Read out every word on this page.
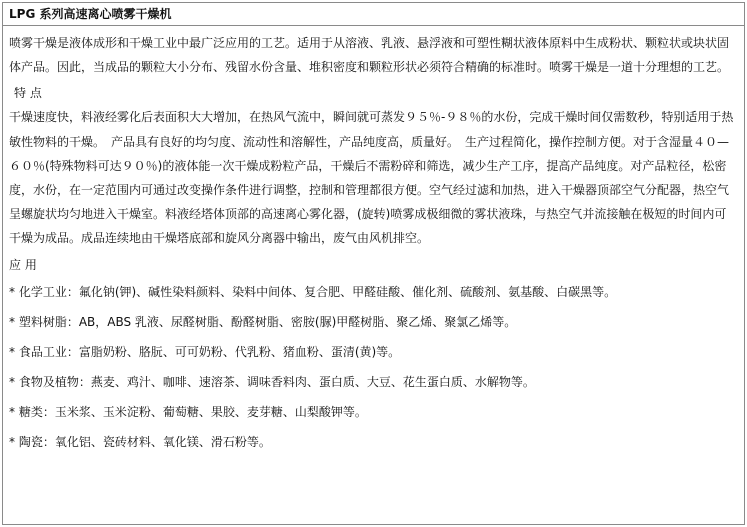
LPG 系列高速离心喷雾干燥机

喷雾干燥是液体成形和干燥工业中最广泛应用的工艺。适用于从溶液、乳液、悬浮液和可塑性糊状液体原料中生成粉状、颗粒状或块状固体产品。因此，当成品的颗粒大小分布、残留水份含量、堆积密度和颗粒形状必须符合精确的标准时。喷雾干燥是一道十分理想的工艺。

特 点

干燥速度快，料液经雾化后表面积大大增加，在热风气流中，瞬间就可蒸发９５％-９８％的水份，完成干燥时间仅需数秒，特别适用于热敏性物料的干燥。　产品具有良好的均匀度、流动性和溶解性，产品纯度高，质量好。　生产过程简化，操作控制方便。对于含湿量４０—６０％(特殊物料可达９０％)的液体能一次干燥成粉粒产品，干燥后不需粉碎和筛选，减少生产工序，提高产品纯度。对产品粒径，松密度，水份，在一定范围内可通过改变操作条件进行调整，控制和管理都很方便。空气经过滤和加热，进入干燥器顶部空气分配器，热空气呈螺旋状均匀地进入干燥室。料液经塔体顶部的高速离心雾化器，(旋转)喷雾成极细微的雾状液珠，与热空气并流接触在极短的时间内可干燥为成品。成品连续地由干燥塔底部和旋风分离器中输出，废气由风机排空。

应 用
* 化学工业：氟化钠(钾)、碱性染料颜料、染料中间体、复合肥、甲醛硅酸、催化剂、硫酸剂、氨基酸、白碳黑等。
* 塑料树脂：AB，ABS 乳液、尿醛树脂、酚醛树脂、密胺(脲)甲醛树脂、聚乙烯、聚氯乙烯等。
* 食品工业：富脂奶粉、胳朊、可可奶粉、代乳粉、猪血粉、蛋清(黄)等。
* 食物及植物：燕麦、鸡汁、咖啡、速溶茶、调味香料肉、蛋白质、大豆、花生蛋白质、水解物等。
* 糖类：玉米浆、玉米淀粉、葡萄糖、果胶、麦芽糖、山梨酸钾等。
* 陶瓷：氧化铝、瓷砖材料、氧化镁、滑石粉等。
